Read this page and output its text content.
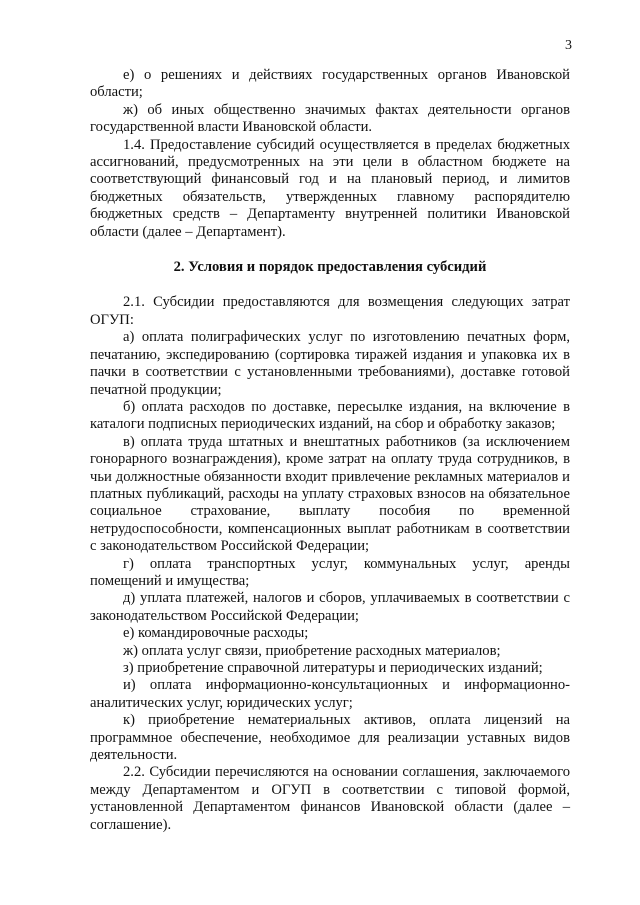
3

е) о решениях и действиях государственных органов Ивановской области;

ж) об иных общественно значимых фактах деятельности органов государственной власти Ивановской области.

1.4. Предоставление субсидий осуществляется в пределах бюджетных ассигнований, предусмотренных на эти цели в областном бюджете на соответствующий финансовый год и на плановый период, и лимитов бюджетных обязательств, утвержденных главному распорядителю бюджетных средств – Департаменту внутренней политики Ивановской области (далее – Департамент).

2. Условия и порядок предоставления субсидий

2.1. Субсидии предоставляются для возмещения следующих затрат ОГУП:

а) оплата полиграфических услуг по изготовлению печатных форм, печатанию, экспедированию (сортировка тиражей издания и упаковка их в пачки в соответствии с установленными требованиями), доставке готовой печатной продукции;

б) оплата расходов по доставке, пересылке издания, на включение в каталоги подписных периодических изданий, на сбор и обработку заказов;

в) оплата труда штатных и внештатных работников (за исключением гонорарного вознаграждения), кроме затрат на оплату труда сотрудников, в чьи должностные обязанности входит привлечение рекламных материалов и платных публикаций, расходы на уплату страховых взносов на обязательное социальное страхование, выплату пособия по временной нетрудоспособности, компенсационных выплат работникам в соответствии с законодательством Российской Федерации;

г) оплата транспортных услуг, коммунальных услуг, аренды помещений и имущества;

д) уплата платежей, налогов и сборов, уплачиваемых в соответствии с законодательством Российской Федерации;

е) командировочные расходы;

ж) оплата услуг связи, приобретение расходных материалов;

з) приобретение справочной литературы и периодических изданий;

и) оплата информационно-консультационных и информационно-аналитических услуг, юридических услуг;

к) приобретение нематериальных активов, оплата лицензий на программное обеспечение, необходимое для реализации уставных видов деятельности.

2.2. Субсидии перечисляются на основании соглашения, заключаемого между Департаментом и ОГУП в соответствии с типовой формой, установленной Департаментом финансов Ивановской области (далее – соглашение).
